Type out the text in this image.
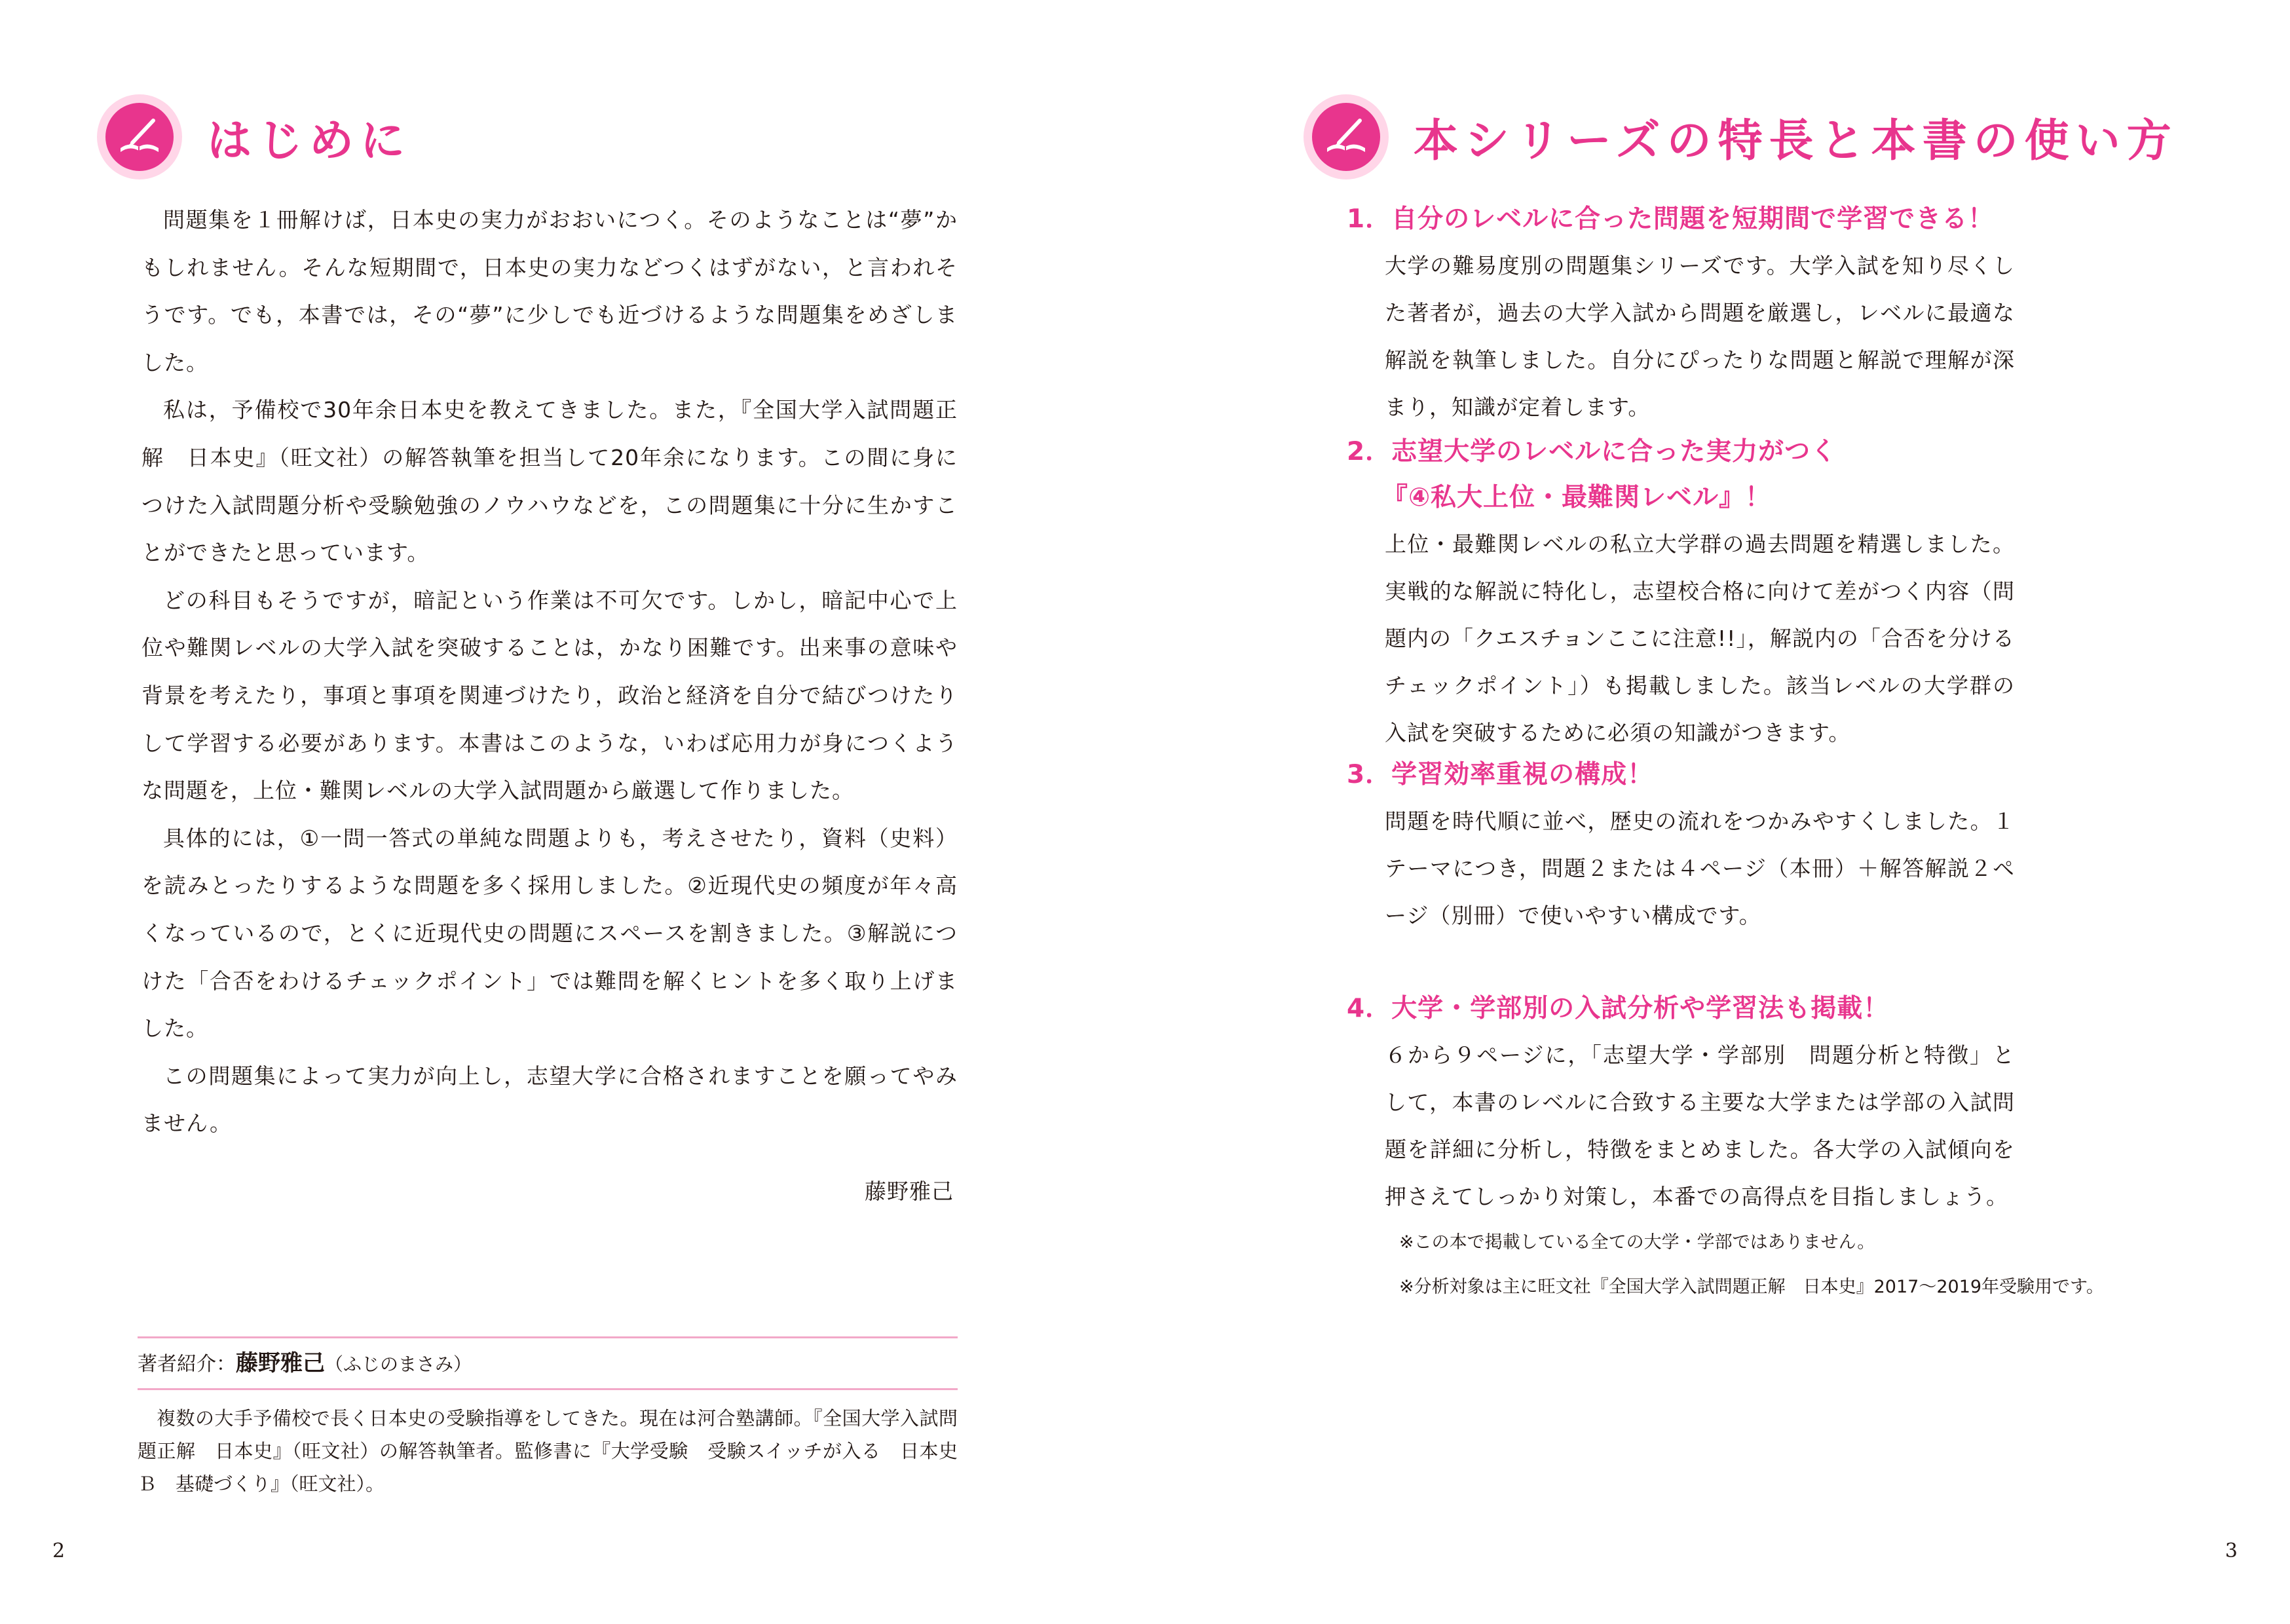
はじめに

問題集を１冊解けば，日本史の実力がおおいにつく。そのようなことは“夢”かもしれません。そんな短期間で，日本史の実力などつくはずがない，と言われそうです。でも，本書では，その“夢”に少しでも近づけるような問題集をめざしました。

私は，予備校で30年余日本史を教えてきました。また，『全国大学入試問題正解　日本史』（旺文社）の解答執筆を担当して20年余になります。この間に身につけた入試問題分析や受験勉強のノウハウなどを，この問題集に十分に生かすことができたと思っています。

どの科目もそうですが，暗記という作業は不可欠です。しかし，暗記中心で上位や難関レベルの大学入試を突破することは，かなり困難です。出来事の意味や背景を考えたり，事項と事項を関連づけたり，政治と経済を自分で結びつけたりして学習する必要があります。本書はこのような，いわば応用力が身につくような問題を，上位・難関レベルの大学入試問題から厳選して作りました。

具体的には，①一問一答式の単純な問題よりも，考えさせたり，資料（史料）を読みとったりするような問題を多く採用しました。②近現代史の頻度が年々高くなっているので，とくに近現代史の問題にスペースを割きました。③解説につけた「合否をわけるチェックポイント」では難問を解くヒントを多く取り上げました。

この問題集によって実力が向上し，志望大学に合格されますことを願ってやみません。

藤野雅己
著者紹介：藤野雅己（ふじのまさみ）

複数の大手予備校で長く日本史の受験指導をしてきた。現在は河合塾講師。『全国大学入試問題正解　日本史』（旺文社）の解答執筆者。監修書に『大学受験　受験スイッチが入る　日本史Ｂ　基礎づくり』（旺文社）。

2
本シリーズの特長と本書の使い方
1．自分のレベルに合った問題を短期間で学習できる！

大学の難易度別の問題集シリーズです。大学入試を知り尽くした著者が，過去の大学入試から問題を厳選し，レベルに最適な解説を執筆しました。自分にぴったりな問題と解説で理解が深まり，知識が定着します。

2．志望大学のレベルに合った実力がつく
『④私大上位・最難関レベル』！

上位・最難関レベルの私立大学群の過去問題を精選しました。実戦的な解説に特化し，志望校合格に向けて差がつく内容（問題内の「クエスチョンここに注意!!」，解説内の「合否を分けるチェックポイント」）も掲載しました。該当レベルの大学群の入試を突破するために必須の知識がつきます。

3．学習効率重視の構成！

問題を時代順に並べ，歴史の流れをつかみやすくしました。１テーマにつき，問題２または４ページ（本冊）＋解答解説２ページ（別冊）で使いやすい構成です。

4．大学・学部別の入試分析や学習法も掲載！

６から９ページに，「志望大学・学部別　問題分析と特徴」として，本書のレベルに合致する主要な大学または学部の入試問題を詳細に分析し，特徴をまとめました。各大学の入試傾向を押さえてしっかり対策し，本番での高得点を目指しましょう。

※この本で掲載している全ての大学・学部ではありません。

※分析対象は主に旺文社『全国大学入試問題正解　日本史』2017〜2019年受験用です。

3
